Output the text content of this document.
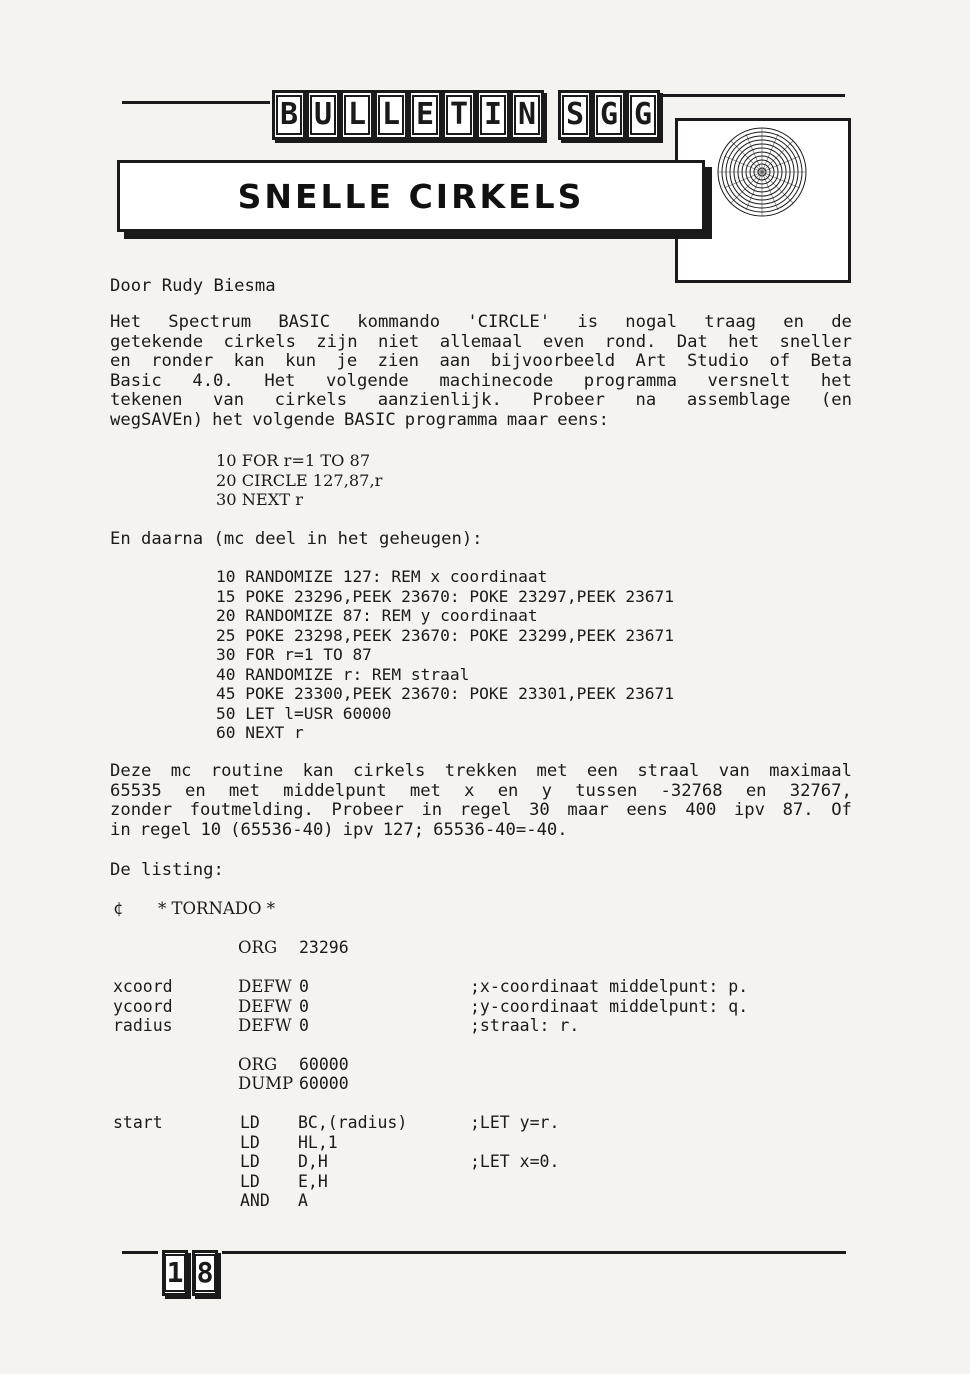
B U L L E T I N S G G
SNELLE CIRKELS
Door Rudy Biesma
Het Spectrum BASIC kommando 'CIRCLE' is nogal traag en de
getekende cirkels zijn niet allemaal even rond. Dat het sneller
en ronder kan kun je zien aan bijvoorbeeld Art Studio of Beta
Basic 4.0. Het volgende machinecode programma versnelt het
tekenen van cirkels aanzienlijk. Probeer na assemblage (en
wegSAVEn) het volgende BASIC programma maar eens:
10 FOR r=1 TO 87
20 CIRCLE 127,87,r
30 NEXT r
En daarna (mc deel in het geheugen):
10 RANDOMIZE 127: REM x coordinaat
15 POKE 23296,PEEK 23670: POKE 23297,PEEK 23671
20 RANDOMIZE 87: REM y coordinaat
25 POKE 23298,PEEK 23670: POKE 23299,PEEK 23671
30 FOR r=1 TO 87
40 RANDOMIZE r: REM straal
45 POKE 23300,PEEK 23670: POKE 23301,PEEK 23671
50 LET l=USR 60000
60 NEXT r
Deze mc routine kan cirkels trekken met een straal van maximaal
65535 en met middelpunt met x en y tussen -32768 en 32767,
zonder foutmelding. Probeer in regel 30 maar eens 400 ipv 87. Of
in regel 10 (65536-40) ipv 127; 65536-40=-40.
De listing:
¢ * TORNADO *
ORG 23296
xcoord	DEFW 0	;x-coordinaat middelpunt: p.
ycoord	DEFW 0	;y-coordinaat middelpunt: q.
radius	DEFW 0	;straal: r.
ORG 60000
DUMP 60000
start	LD BC,(radius)	;LET y=r.
LD HL,1
LD D,H	;LET x=0.
LD E,H
AND A
1 8
